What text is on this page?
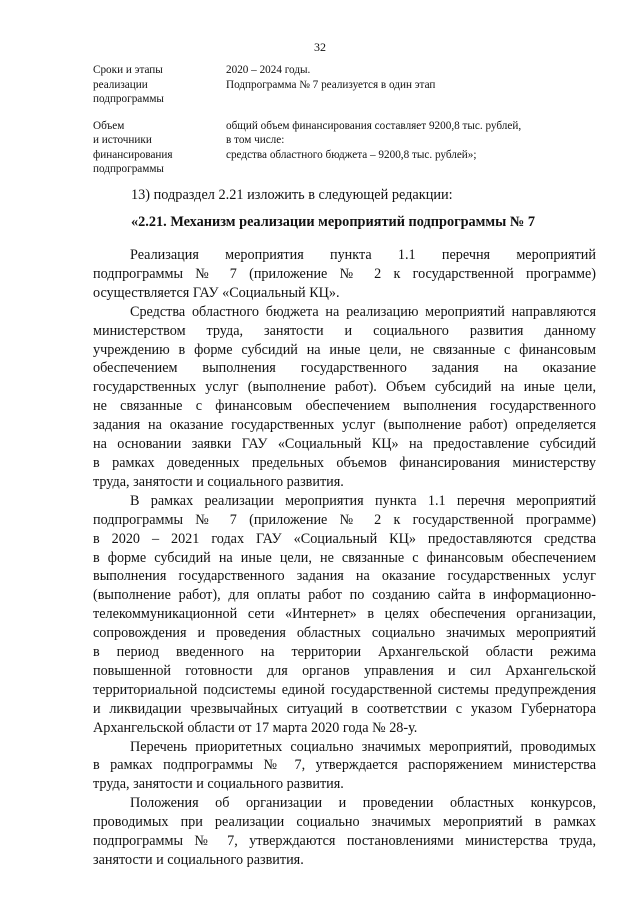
32
Сроки и этапы
реализации
подпрограммы
2020 – 2024 годы.
Подпрограмма № 7 реализуется в один этап
Объем
и источники
финансирования
подпрограммы
общий объем финансирования составляет 9200,8 тыс. рублей,
в том числе:
средства областного бюджета – 9200,8 тыс. рублей»;
13) подраздел 2.21 изложить в следующей редакции:
«2.21. Механизм реализации мероприятий подпрограммы № 7

Реализация мероприятия пункта 1.1 перечня мероприятий
подпрограммы № 7 (приложение № 2 к государственной программе)
осуществляется ГАУ «Социальный КЦ».

Средства областного бюджета на реализацию мероприятий направляются
министерством труда, занятости и социального развития данному
учреждению в форме субсидий на иные цели, не связанные с финансовым
обеспечением выполнения государственного задания на оказание
государственных услуг (выполнение работ). Объем субсидий на иные цели,
не связанные с финансовым обеспечением выполнения государственного
задания на оказание государственных услуг (выполнение работ) определяется
на основании заявки ГАУ «Социальный КЦ» на предоставление субсидий
в рамках доведенных предельных объемов финансирования министерству
труда, занятости и социального развития.

В рамках реализации мероприятия пункта 1.1 перечня мероприятий
подпрограммы № 7 (приложение № 2 к государственной программе)
в 2020 – 2021 годах ГАУ «Социальный КЦ» предоставляются средства
в форме субсидий на иные цели, не связанные с финансовым обеспечением
выполнения государственного задания на оказание государственных услуг
(выполнение работ), для оплаты работ по созданию сайта в информационно-
телекоммуникационной сети «Интернет» в целях обеспечения организации,
сопровождения и проведения областных социально значимых мероприятий
в период введенного на территории Архангельской области режима
повышенной готовности для органов управления и сил Архангельской
территориальной подсистемы единой государственной системы предупреждения
и ликвидации чрезвычайных ситуаций в соответствии с указом Губернатора
Архангельской области от 17 марта 2020 года № 28-у.

Перечень приоритетных социально значимых мероприятий, проводимых
в рамках подпрограммы № 7, утверждается распоряжением министерства
труда, занятости и социального развития.

Положения об организации и проведении областных конкурсов,
проводимых при реализации социально значимых мероприятий в рамках
подпрограммы № 7, утверждаются постановлениями министерства труда,
занятости и социального развития.
